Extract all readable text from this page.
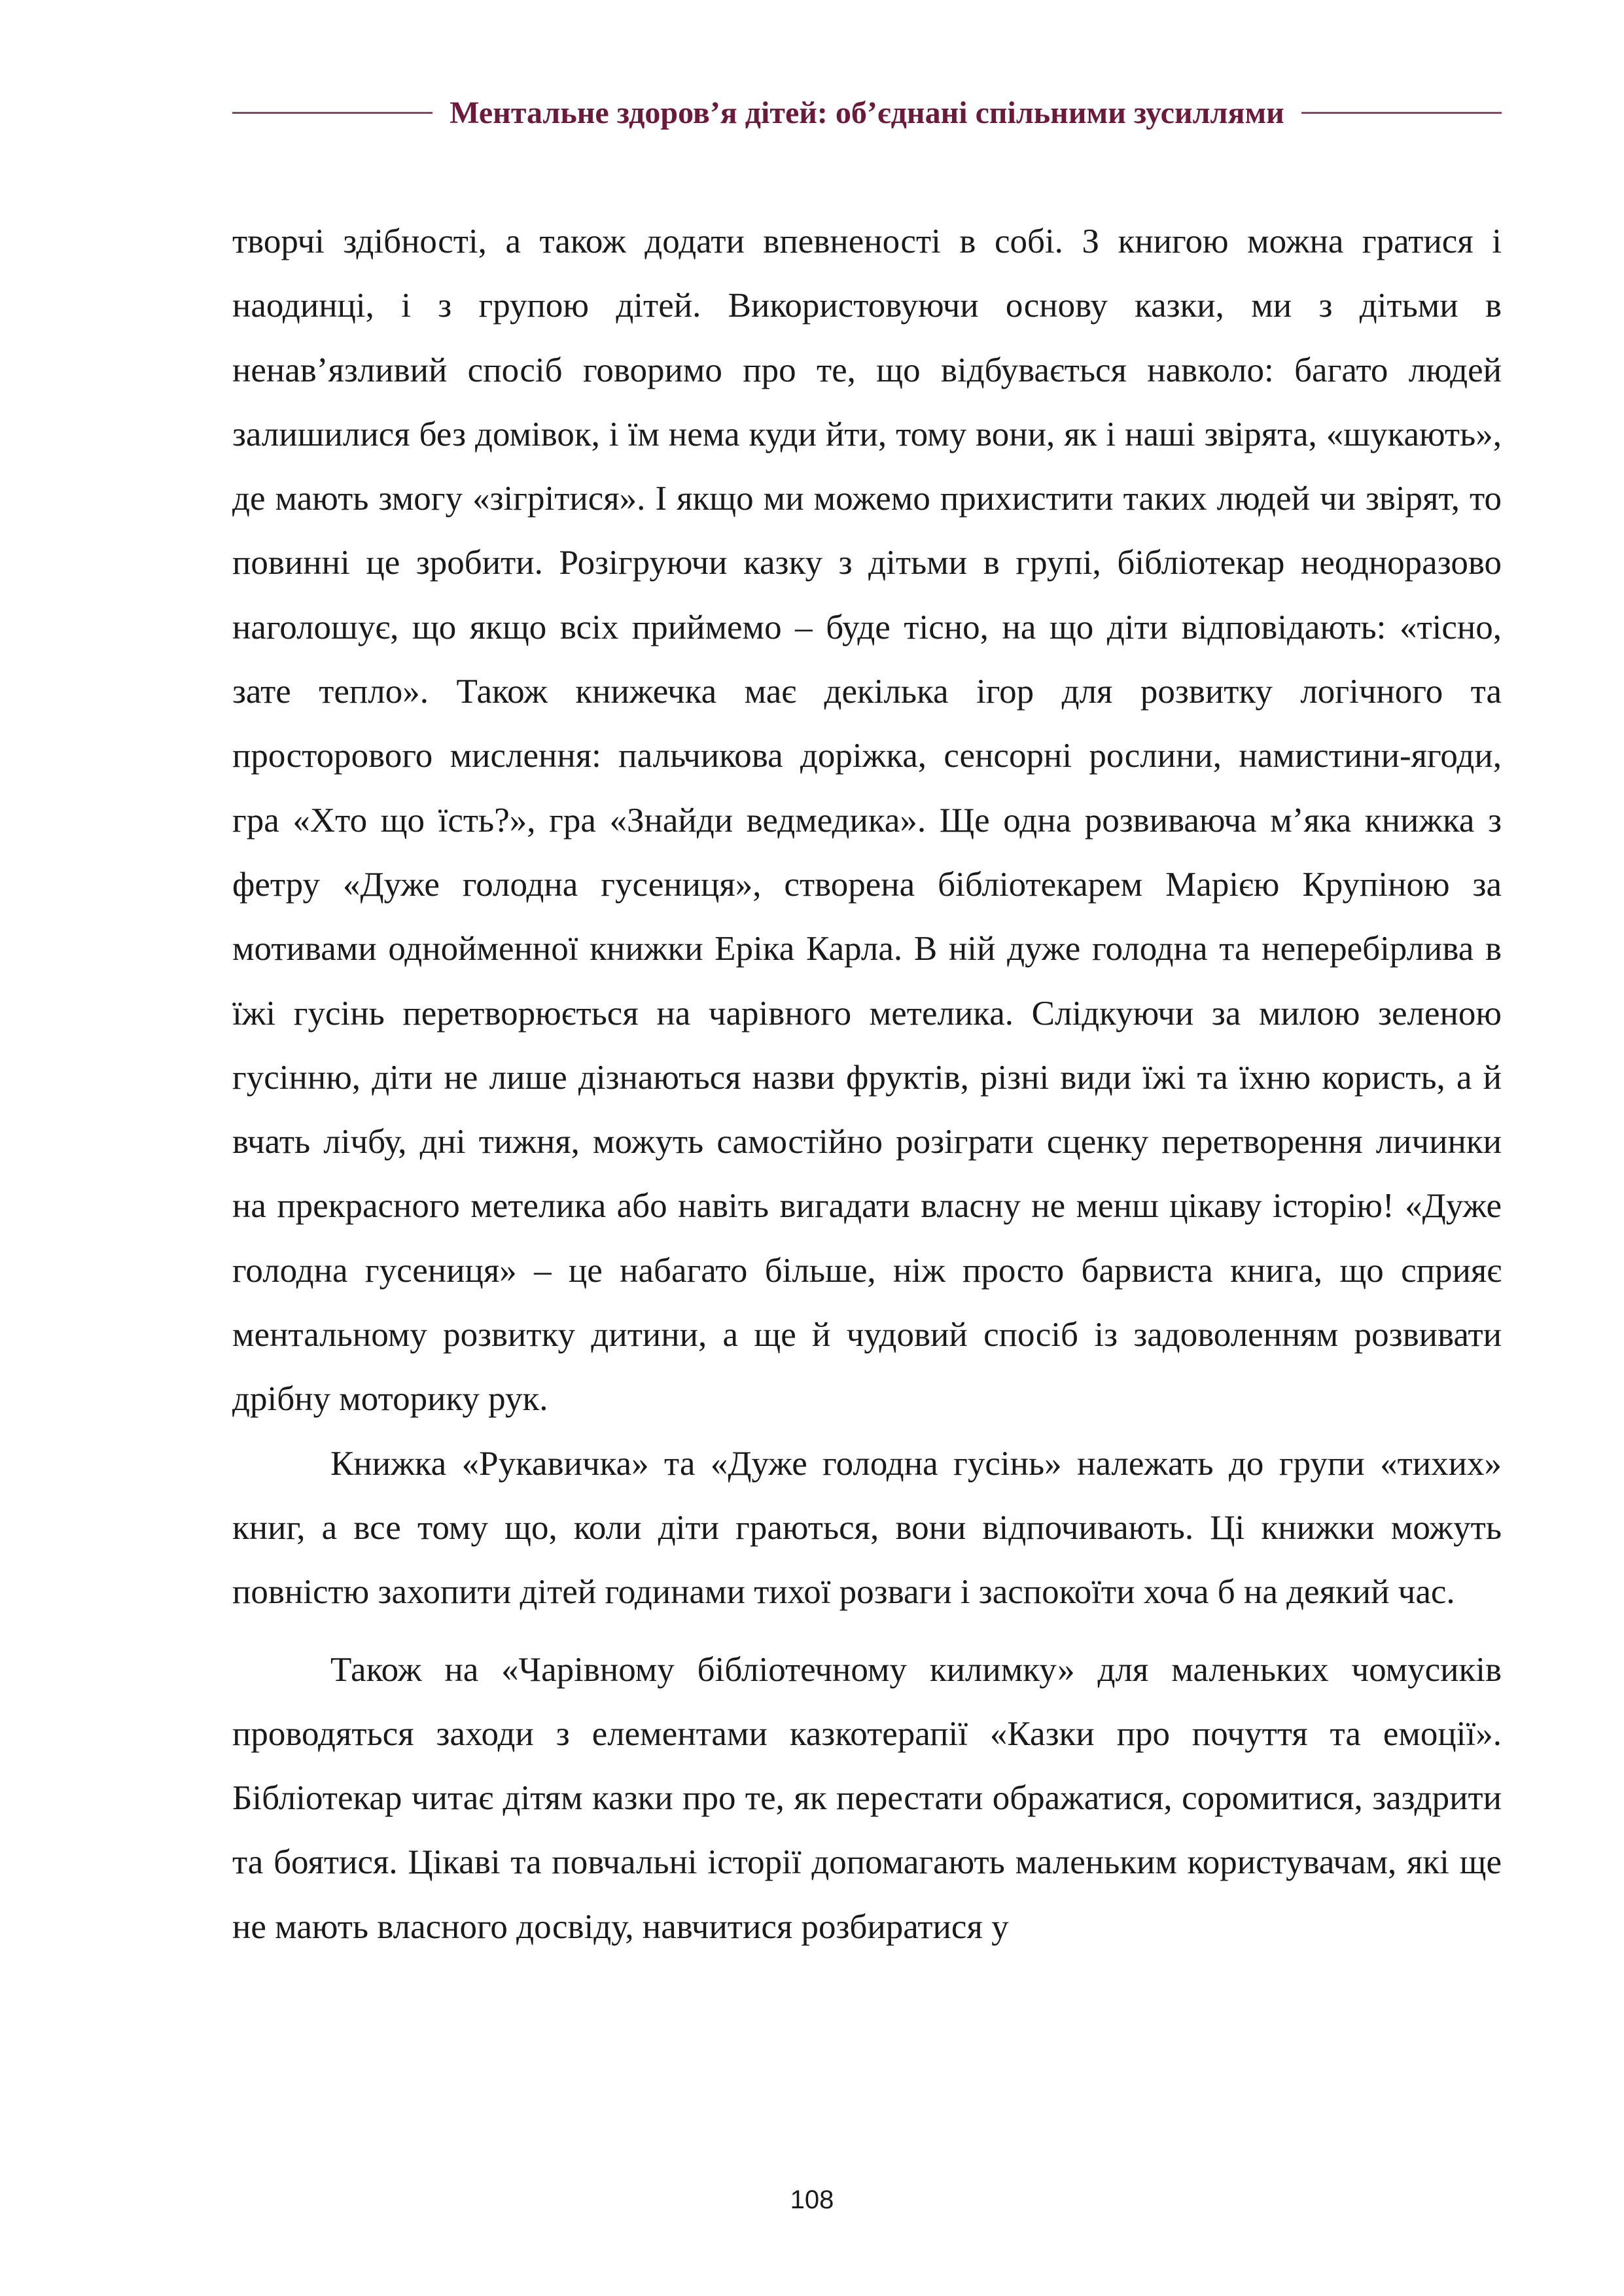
Ментальне здоров’я дітей: об’єднані спільними зусиллями

творчі здібності, а також додати впевненості в собі. З книгою можна гратися і наодинці, і з групою дітей. Використовуючи основу казки, ми з дітьми в ненав’язливий спосіб говоримо про те, що відбувається навколо: багато людей залишилися без домівок, і їм нема куди йти, тому вони, як і наші звірята, «шукають», де мають змогу «зігрітися». І якщо ми можемо прихистити таких людей чи звірят, то повинні це зробити. Розігруючи казку з дітьми в групі, бібліотекар неодноразово наголошує, що якщо всіх приймемо – буде тісно, на що діти відповідають: «тісно, зате тепло». Також книжечка має декілька ігор для розвитку логічного та просторового мислення: пальчикова доріжка, сенсорні рослини, намистини-ягоди, гра «Хто що їсть?», гра «Знайди ведмедика». Ще одна розвиваюча м’яка книжка з фетру «Дуже голодна гусениця», створена бібліотекарем Марією Крупіною за мотивами однойменної книжки Еріка Карла. В ній дуже голодна та неперебірлива в їжі гусінь перетворюється на чарівного метелика. Слідкуючи за милою зеленою гусінню, діти не лише дізнаються назви фруктів, різні види їжі та їхню користь, а й вчать лічбу, дні тижня, можуть самостійно розіграти сценку перетворення личинки на прекрасного метелика або навіть вигадати власну не менш цікаву історію! «Дуже голодна гусениця» – це набагато більше, ніж просто барвиста книга, що сприяє ментальному розвитку дитини, а ще й чудовий спосіб із задоволенням розвивати дрібну моторику рук.

Книжка «Рукавичка» та «Дуже голодна гусінь» належать до групи «тихих» книг, а все тому що, коли діти граються, вони відпочивають. Ці книжки можуть повністю захопити дітей годинами тихої розваги і заспокоїти хоча б на деякий час.

Також на «Чарівному бібліотечному килимку» для маленьких чомусиків проводяться заходи з елементами казкотерапії «Казки про почуття та емоції». Бібліотекар читає дітям казки про те, як перестати ображатися, соромитися, заздрити та боятися. Цікаві та повчальні історії допомагають маленьким користувачам, які ще не мають власного досвіду, навчитися розбиратися у

108
